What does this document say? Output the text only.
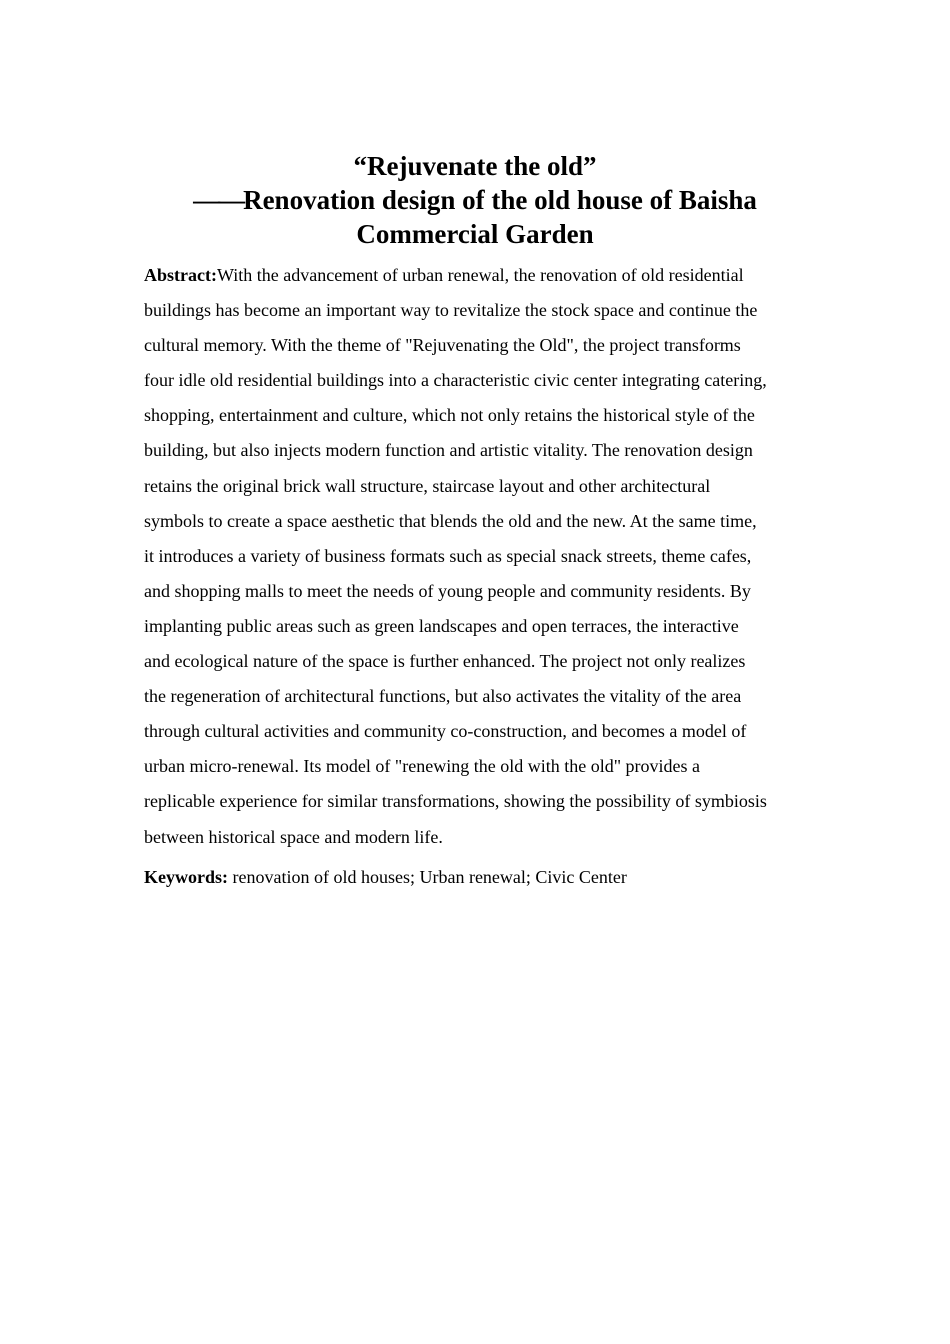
“Rejuvenate the old”
——Renovation design of the old house of Baisha
Commercial Garden
Abstract:With the advancement of urban renewal, the renovation of old residential
buildings has become an important way to revitalize the stock space and continue the
cultural memory. With the theme of "Rejuvenating the Old", the project transforms
four idle old residential buildings into a characteristic civic center integrating catering,
shopping, entertainment and culture, which not only retains the historical style of the
building, but also injects modern function and artistic vitality. The renovation design
retains the original brick wall structure, staircase layout and other architectural
symbols to create a space aesthetic that blends the old and the new. At the same time,
it introduces a variety of business formats such as special snack streets, theme cafes,
and shopping malls to meet the needs of young people and community residents. By
implanting public areas such as green landscapes and open terraces, the interactive
and ecological nature of the space is further enhanced. The project not only realizes
the regeneration of architectural functions, but also activates the vitality of the area
through cultural activities and community co-construction, and becomes a model of
urban micro-renewal. Its model of "renewing the old with the old" provides a
replicable experience for similar transformations, showing the possibility of symbiosis
between historical space and modern life.
Keywords: renovation of old houses; Urban renewal; Civic Center
